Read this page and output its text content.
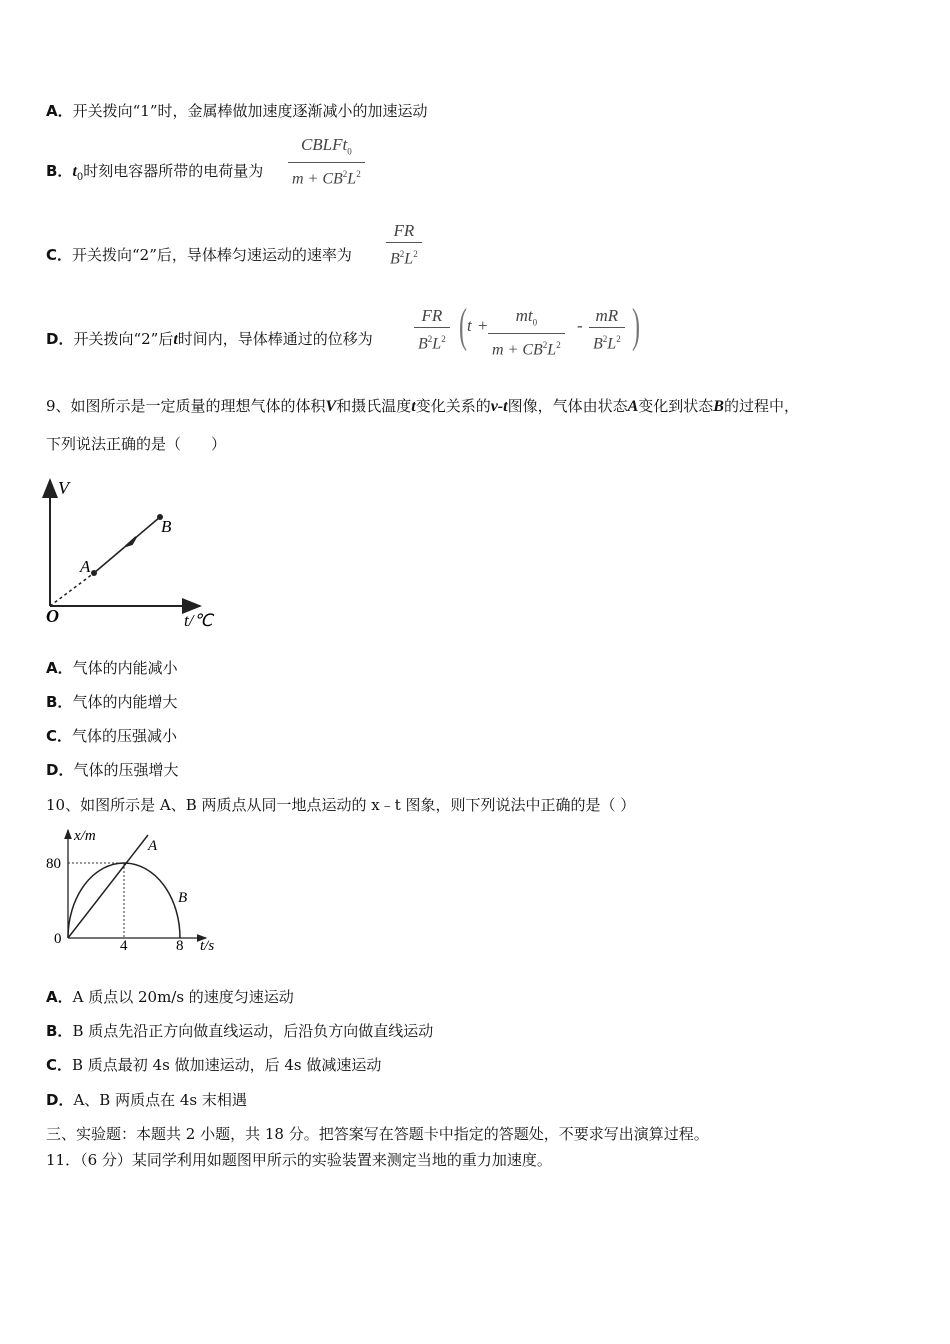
A．开关拨向“1”时，金属棒做加速度逐渐减小的加速运动
B．$t_0$时刻电容器所带的电荷量为
CBLFt$_0$
$m + CB^2L^2$
C．开关拨向“2”后，导体棒匀速运动的速率为 $\frac{FR}{B^2L^2}$
D．开关拨向“2”后t时间内，导体棒通过的位移为 $\frac{FR}{B^2L^2}$ ( $t + \frac{mt_0}{m + CB^2L^2} - \frac{mR}{B^2L^2}$ )
9、如图所示是一定质量的理想气体的体积V和摄氏温度t变化关系的v-t图像，气体由状态A变化到状态B的过程中，
下列说法正确的是（　　）
V
A
B
O	t/℃
A．气体的内能减小
B．气体的内能增大
C．气体的压强减小
D．气体的压强增大
10、如图所示是 A、B 两质点从同一地点运动的 x﹣t 图象，则下列说法中正确的是（ ）
x/m
80
0	4	8 t/s
A
B
A．A 质点以 20m/s 的速度匀速运动
B．B 质点先沿正方向做直线运动，后沿负方向做直线运动
C．B 质点最初 4s 做加速运动，后 4s 做减速运动
D．A、B 两质点在 4s 末相遇
三、实验题：本题共 2 小题，共 18 分。把答案写在答题卡中指定的答题处，不要求写出演算过程。
11．（6 分）某同学利用如题图甲所示的实验装置来测定当地的重力加速度。
